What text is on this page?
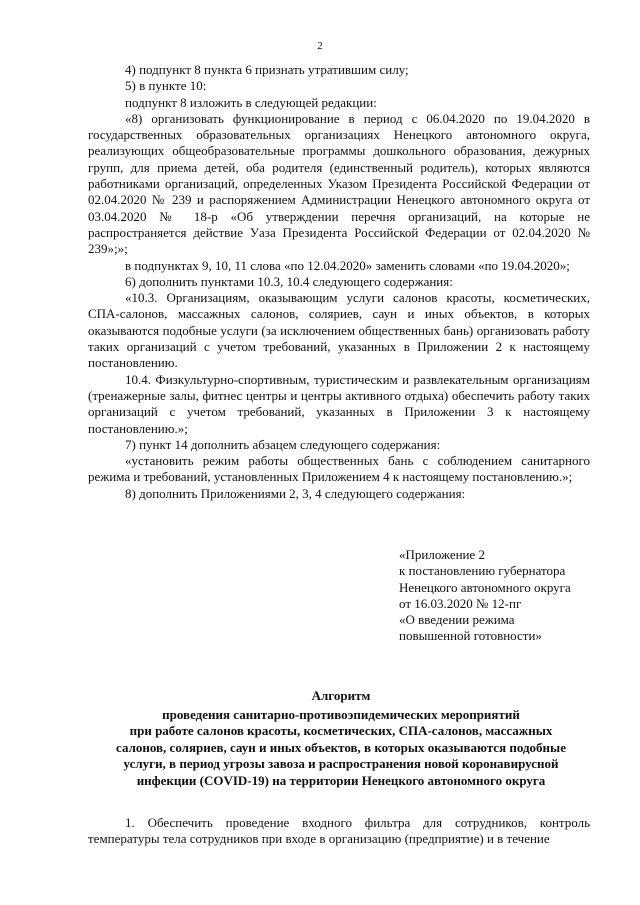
2

4) подпункт 8 пункта 6 признать утратившим силу;

5) в пункте 10:

подпункт 8 изложить в следующей редакции:

«8) организовать функционирование в период с 06.04.2020 по 19.04.2020 в государственных образовательных организациях Ненецкого автономного округа, реализующих общеобразовательные программы дошкольного образования, дежурных групп, для приема детей, оба родителя (единственный родитель), которых являются работниками организаций, определенных Указом Президента Российской Федерации от 02.04.2020 № 239 и распоряжением Администрации Ненецкого автономного округа от 03.04.2020 № 18-р «Об утверждении перечня организаций, на которые не распространяется действие Уаза Президента Российской Федерации от 02.04.2020 № 239»;»;

в подпунктах 9, 10, 11 слова «по 12.04.2020» заменить словами «по 19.04.2020»;

6) дополнить пунктами 10.3, 10.4 следующего содержания:

«10.3. Организациям, оказывающим услуги салонов красоты, косметических, СПА-салонов, массажных салонов, соляриев, саун и иных объектов, в которых оказываются подобные услуги (за исключением общественных бань) организовать работу таких организаций с учетом требований, указанных в Приложении 2 к настоящему постановлению.

10.4. Физкультурно-спортивным, туристическим и развлекательным организациям (тренажерные залы, фитнес центры и центры активного отдыха) обеспечить работу таких организаций с учетом требований, указанных в Приложении 3 к настоящему постановлению.»;

7) пункт 14 дополнить абзацем следующего содержания:

«установить режим работы общественных бань с соблюдением санитарного режима и требований, установленных Приложением 4 к настоящему постановлению.»;

8) дополнить Приложениями 2, 3, 4 следующего содержания:

«Приложение 2
к постановлению губернатора
Ненецкого автономного округа
от 16.03.2020 № 12-пг
«О введении режима
повышенной готовности»
Алгоритм
проведения санитарно-противоэпидемических мероприятий
при работе салонов красоты, косметических, СПА-салонов, массажных
салонов, соляриев, саун и иных объектов, в которых оказываются подобные
услуги, в период угрозы завоза и распространения новой коронавирусной
инфекции (COVID-19) на территории Ненецкого автономного округа

1. Обеспечить проведение входного фильтра для сотрудников, контроль температуры тела сотрудников при входе в организацию (предприятие) и в течение
